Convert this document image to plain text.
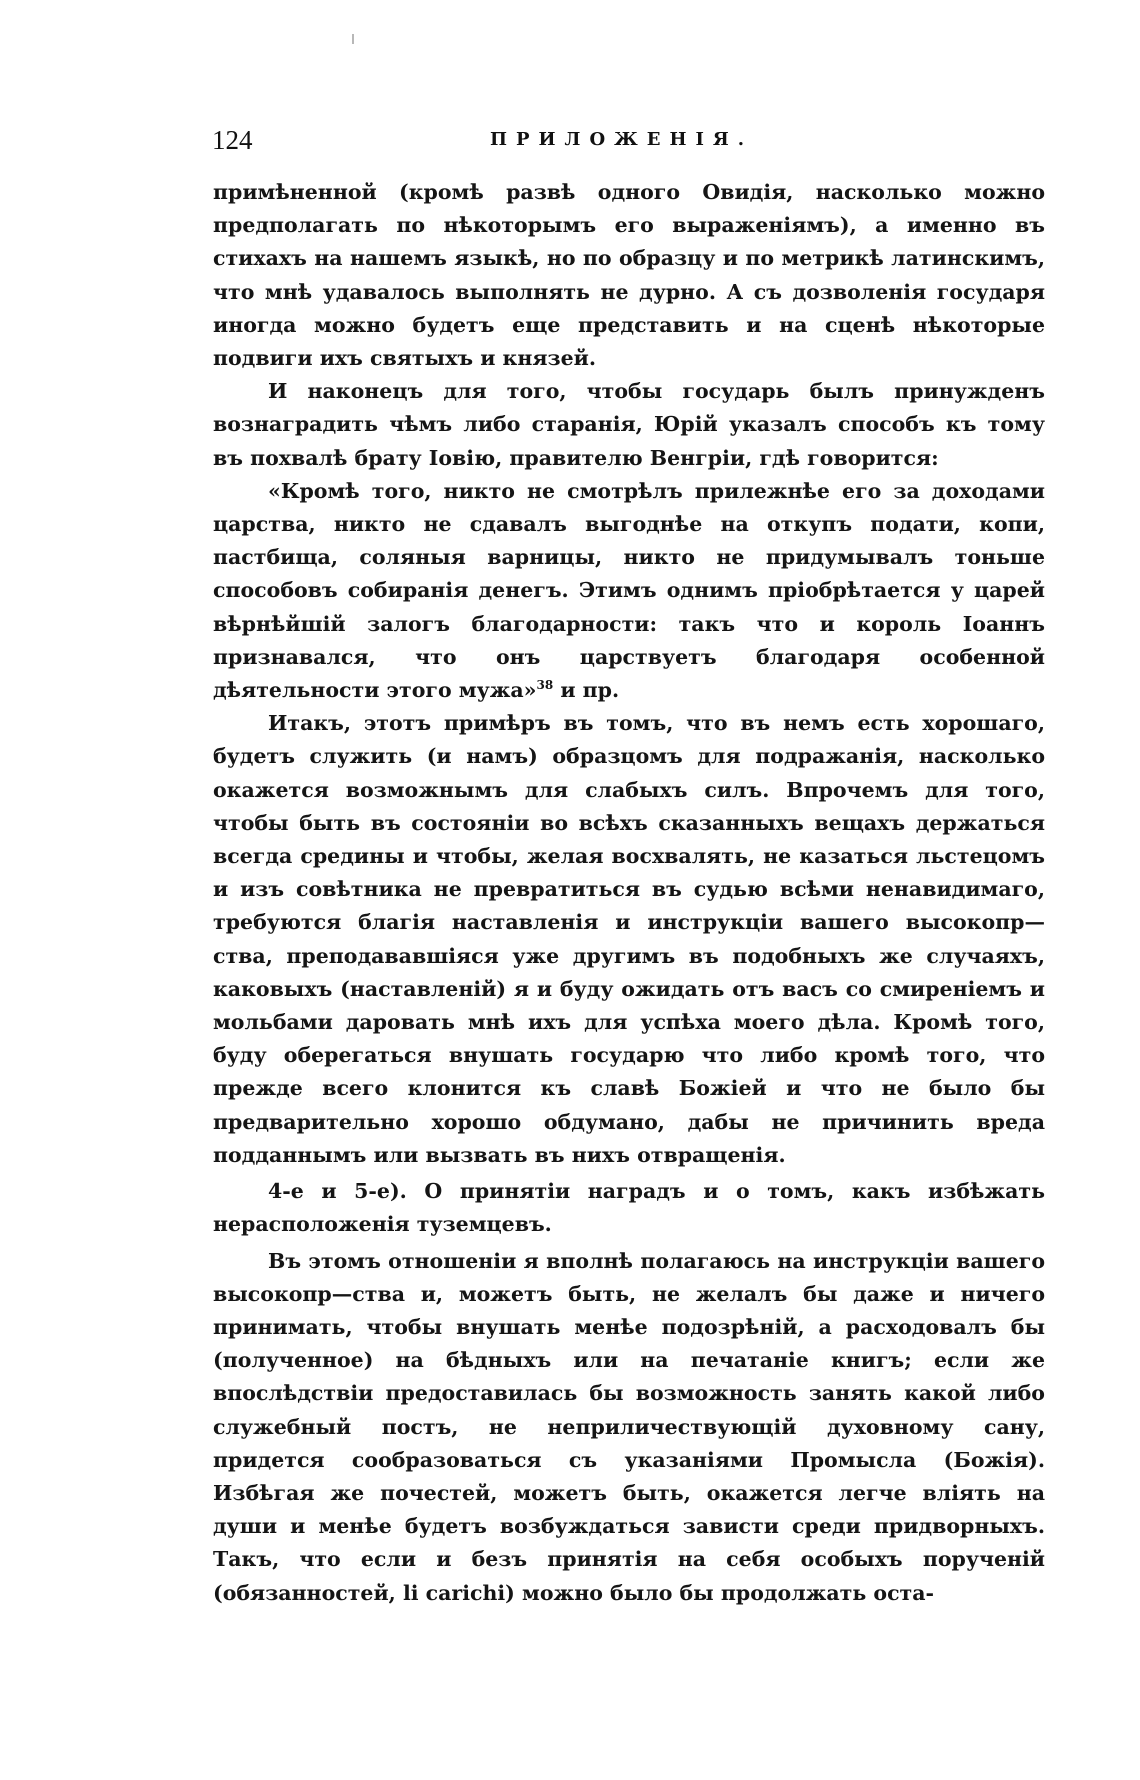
124	ПРИЛОЖЕНІЯ.

примѣненной (кромѣ развѣ одного Овидія, насколько можно предполагать по нѣкоторымъ его выраженіямъ), а именно въ стихахъ на нашемъ языкѣ, но по образцу и по метрикѣ латинскимъ, что мнѣ удавалось выполнять не дурно. А съ дозволенія государя иногда можно будетъ еще представить и на сценѣ нѣкоторые подвиги ихъ святыхъ и князей.

И наконецъ для того, чтобы государь былъ принужденъ вознаградить чѣмъ либо старанія, Юрій указалъ способъ къ тому въ похвалѣ брату Іовію, правителю Венгріи, гдѣ говорится:

«Кромѣ того, никто не смотрѣлъ прилежнѣе его за доходами царства, никто не сдавалъ выгоднѣе на откупъ подати, копи, пастбища, соляныя варницы, никто не придумывалъ тоньше способовъ собиранія денегъ. Этимъ однимъ пріобрѣтается у царей вѣрнѣйшій залогъ благодарности: такъ что и король Іоаннъ признавался, что онъ царствуетъ благодаря особенной дѣятельности этого мужа»$^{38}$ и пр.

Итакъ, этотъ примѣръ въ томъ, что въ немъ есть хорошаго, будетъ служить (и намъ) образцомъ для подражанія, насколько окажется возможнымъ для слабыхъ силъ. Впрочемъ для того, чтобы быть въ состояніи во всѣхъ сказанныхъ вещахъ держаться всегда средины и чтобы, желая восхвалять, не казаться льстецомъ и изъ совѣтника не превратиться въ судью всѣми ненавидимаго, требуются благія наставленія и инструкціи вашего высокопр—ства, преподававшіяся уже другимъ въ подобныхъ же случаяхъ, каковыхъ (наставленій) я и буду ожидать отъ васъ со смиреніемъ и мольбами даровать мнѣ ихъ для успѣха моего дѣла. Кромѣ того, буду оберегаться внушать государю что либо кромѣ того, что прежде всего клонится къ славѣ Божіей и что не было бы предварительно хорошо обдумано, дабы не причинить вреда подданнымъ или вызвать въ нихъ отвращенія.

4-е и 5-е). О принятіи наградъ и о томъ, какъ избѣжать нерасположенія туземцевъ.

Въ этомъ отношеніи я вполнѣ полагаюсь на инструкціи вашего высокопр—ства и, можетъ быть, не желалъ бы даже и ничего принимать, чтобы внушать менѣе подозрѣній, а расходовалъ бы (полученное) на бѣдныхъ или на печатаніе книгъ; если же впослѣдствіи предоставилась бы возможность занять какой либо служебный постъ, не неприличествующій духовному сану, придется сообразоваться съ указаніями Промысла (Божія). Избѣгая же почестей, можетъ быть, окажется легче вліять на души и менѣе будетъ возбуждаться зависти среди придворныхъ. Такъ, что если и безъ принятія на себя особыхъ порученій (обязанностей, li carichi) можно было бы продолжать оста-
